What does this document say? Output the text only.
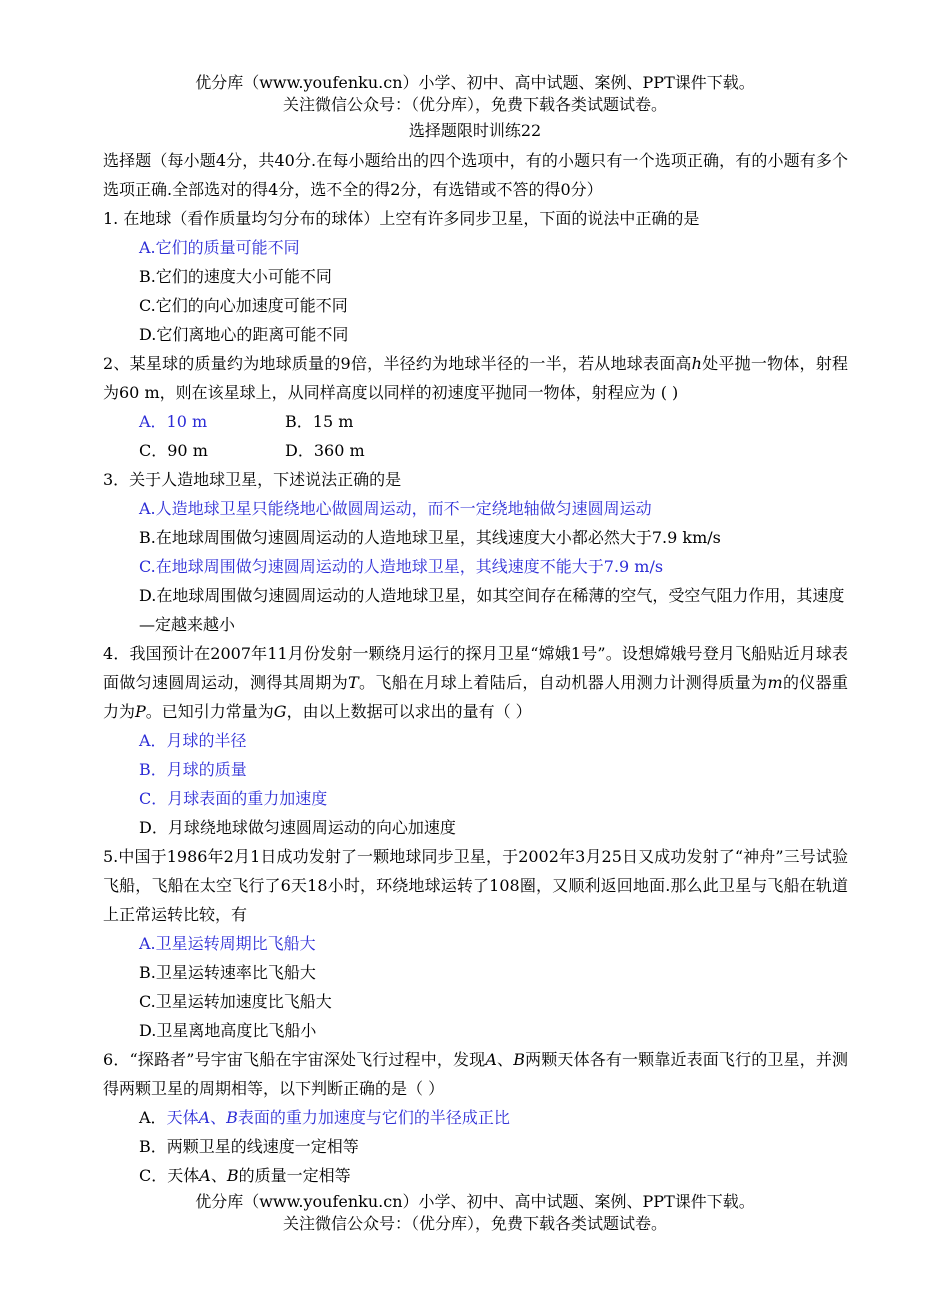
优分库（www.youfenku.cn）小学、初中、高中试题、案例、PPT课件下载。
关注微信公众号：（优分库），免费下载各类试题试卷。
选择题限时训练22

选择题（每小题4分，共40分.在每小题给出的四个选项中，有的小题只有一个选项正确，有的小题有多个选项正确.全部选对的得4分，选不全的得2分，有选错或不答的得0分）

1. 在地球（看作质量均匀分布的球体）上空有许多同步卫星，下面的说法中正确的是

A.它们的质量可能不同

B.它们的速度大小可能不同

C.它们的向心加速度可能不同

D.它们离地心的距离可能不同

2、某星球的质量约为地球质量的9倍，半径约为地球半径的一半，若从地球表面高h处平抛一物体，射程为60 m，则在该星球上，从同样高度以同样的初速度平抛同一物体，射程应为 ( )

A．10 m	B．15 m

C．90 m	D．360 m

3．关于人造地球卫星，下述说法正确的是

A.人造地球卫星只能绕地心做圆周运动，而不一定绕地轴做匀速圆周运动

B.在地球周围做匀速圆周运动的人造地球卫星，其线速度大小都必然大于7.9 km/s

C.在地球周围做匀速圆周运动的人造地球卫星，其线速度不能大于7.9 m/s

D.在地球周围做匀速圆周运动的人造地球卫星，如其空间存在稀薄的空气，受空气阻力作用，其速度—定越来越小

4．我国预计在2007年11月份发射一颗绕月运行的探月卫星“嫦娥1号”。设想嫦娥号登月飞船贴近月球表面做匀速圆周运动，测得其周期为T。飞船在月球上着陆后，自动机器人用测力计测得质量为m的仪器重力为P。已知引力常量为G，由以上数据可以求出的量有（ ）

A．月球的半径

B．月球的质量

C．月球表面的重力加速度

D．月球绕地球做匀速圆周运动的向心加速度

5.中国于1986年2月1日成功发射了一颗地球同步卫星，于2002年3月25日又成功发射了“神舟”三号试验飞船，飞船在太空飞行了6天18小时，环绕地球运转了108圈，又顺利返回地面.那么此卫星与飞船在轨道上正常运转比较，有

A.卫星运转周期比飞船大

B.卫星运转速率比飞船大

C.卫星运转加速度比飞船大

D.卫星离地高度比飞船小

6．“探路者”号宇宙飞船在宇宙深处飞行过程中，发现A、B两颗天体各有一颗靠近表面飞行的卫星，并测得两颗卫星的周期相等，以下判断正确的是（ ）

A．天体A、B表面的重力加速度与它们的半径成正比

B．两颗卫星的线速度一定相等

C．天体A、B的质量一定相等

优分库（www.youfenku.cn）小学、初中、高中试题、案例、PPT课件下载。
关注微信公众号：（优分库），免费下载各类试题试卷。
